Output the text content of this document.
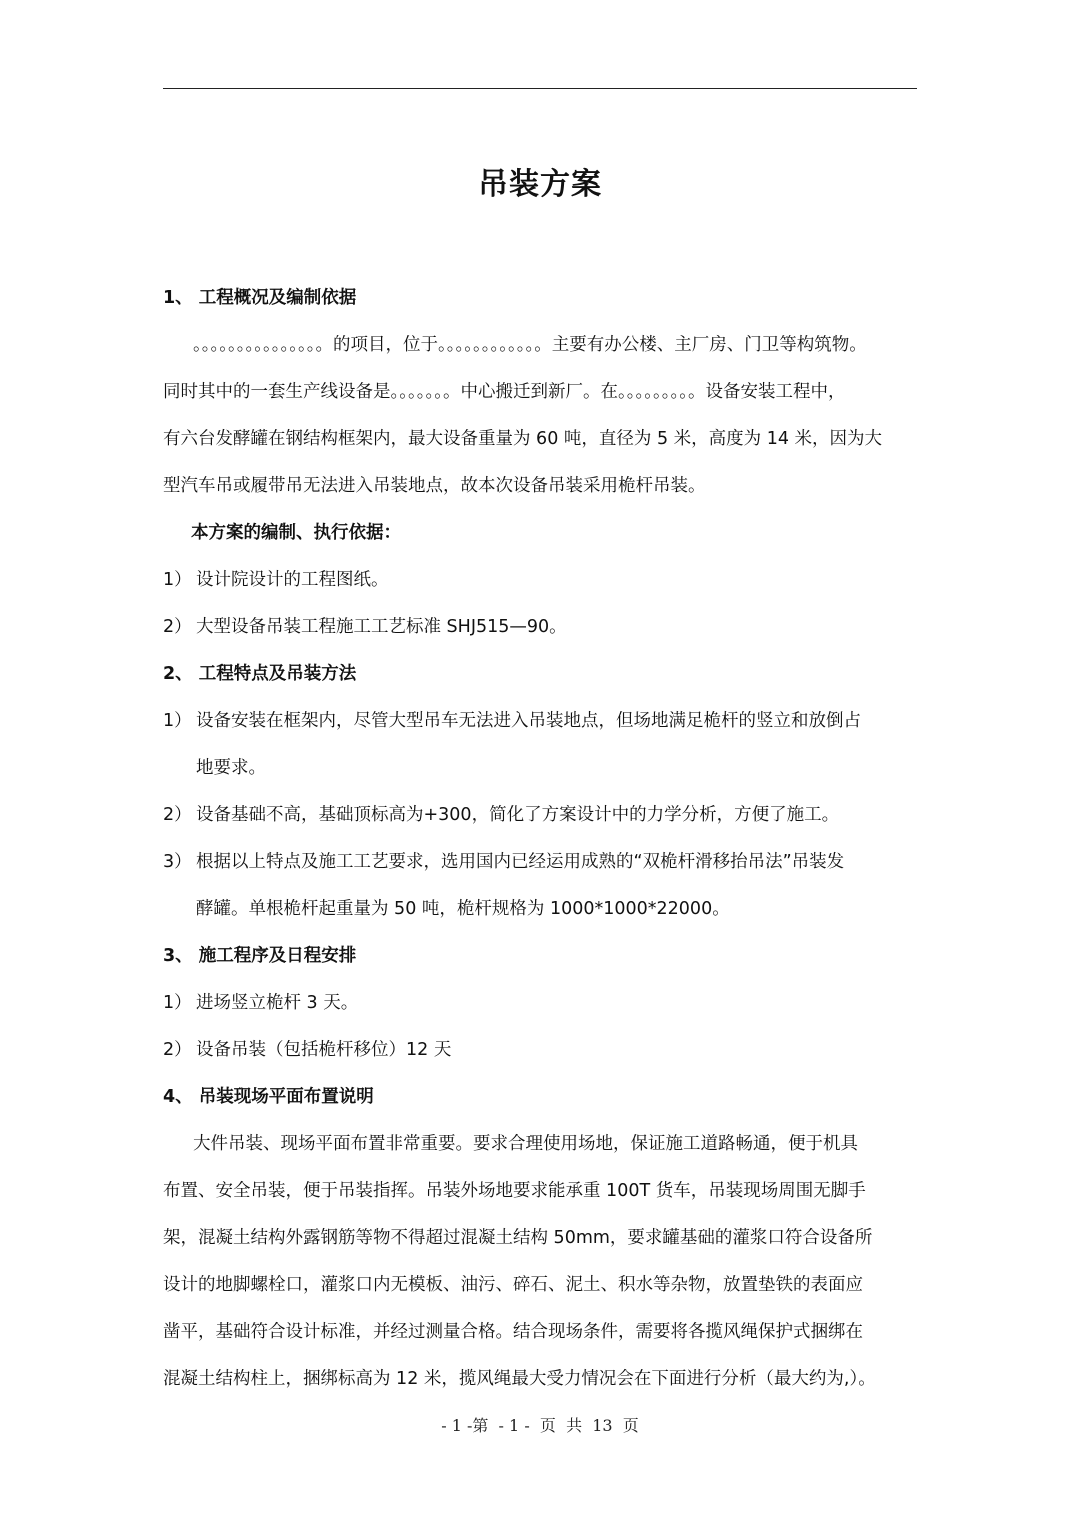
吊装方案
1、 工程概况及编制依据
。。。。。。。。。。。。。。。的项目，位于。。。。。。。。。。。。主要有办公楼、主厂房、门卫等构筑物。
同时其中的一套生产线设备是。。。。。。。中心搬迁到新厂。在。。。。。。。。。设备安装工程中，
有六台发酵罐在钢结构框架内，最大设备重量为 60 吨，直径为 5 米，高度为 14 米，因为大
型汽车吊或履带吊无法进入吊装地点，故本次设备吊装采用桅杆吊装。
本方案的编制、执行依据：
1） 设计院设计的工程图纸。
2） 大型设备吊装工程施工工艺标准 SHJ515—90。
2、 工程特点及吊装方法
1） 设备安装在框架内，尽管大型吊车无法进入吊装地点，但场地满足桅杆的竖立和放倒占
地要求。
2） 设备基础不高，基础顶标高为+300，简化了方案设计中的力学分析，方便了施工。
3） 根据以上特点及施工工艺要求，选用国内已经运用成熟的“双桅杆滑移抬吊法”吊装发
酵罐。单根桅杆起重量为 50 吨，桅杆规格为 1000*1000*22000。
3、 施工程序及日程安排
1） 进场竖立桅杆 3 天。
2） 设备吊装（包括桅杆移位）12 天
4、 吊装现场平面布置说明
大件吊装、现场平面布置非常重要。要求合理使用场地，保证施工道路畅通，便于机具
布置、安全吊装，便于吊装指挥。吊装外场地要求能承重 100T 货车，吊装现场周围无脚手
架，混凝土结构外露钢筋等物不得超过混凝土结构 50mm，要求罐基础的灌浆口符合设备所
设计的地脚螺栓口，灌浆口内无模板、油污、碎石、泥土、积水等杂物，放置垫铁的表面应
凿平，基础符合设计标准，并经过测量合格。结合现场条件，需要将各揽风绳保护式捆绑在
混凝土结构柱上，捆绑标高为 12 米，揽风绳最大受力情况会在下面进行分析（最大约为,）。
- 1 -第  - 1 -  页  共  13  页
